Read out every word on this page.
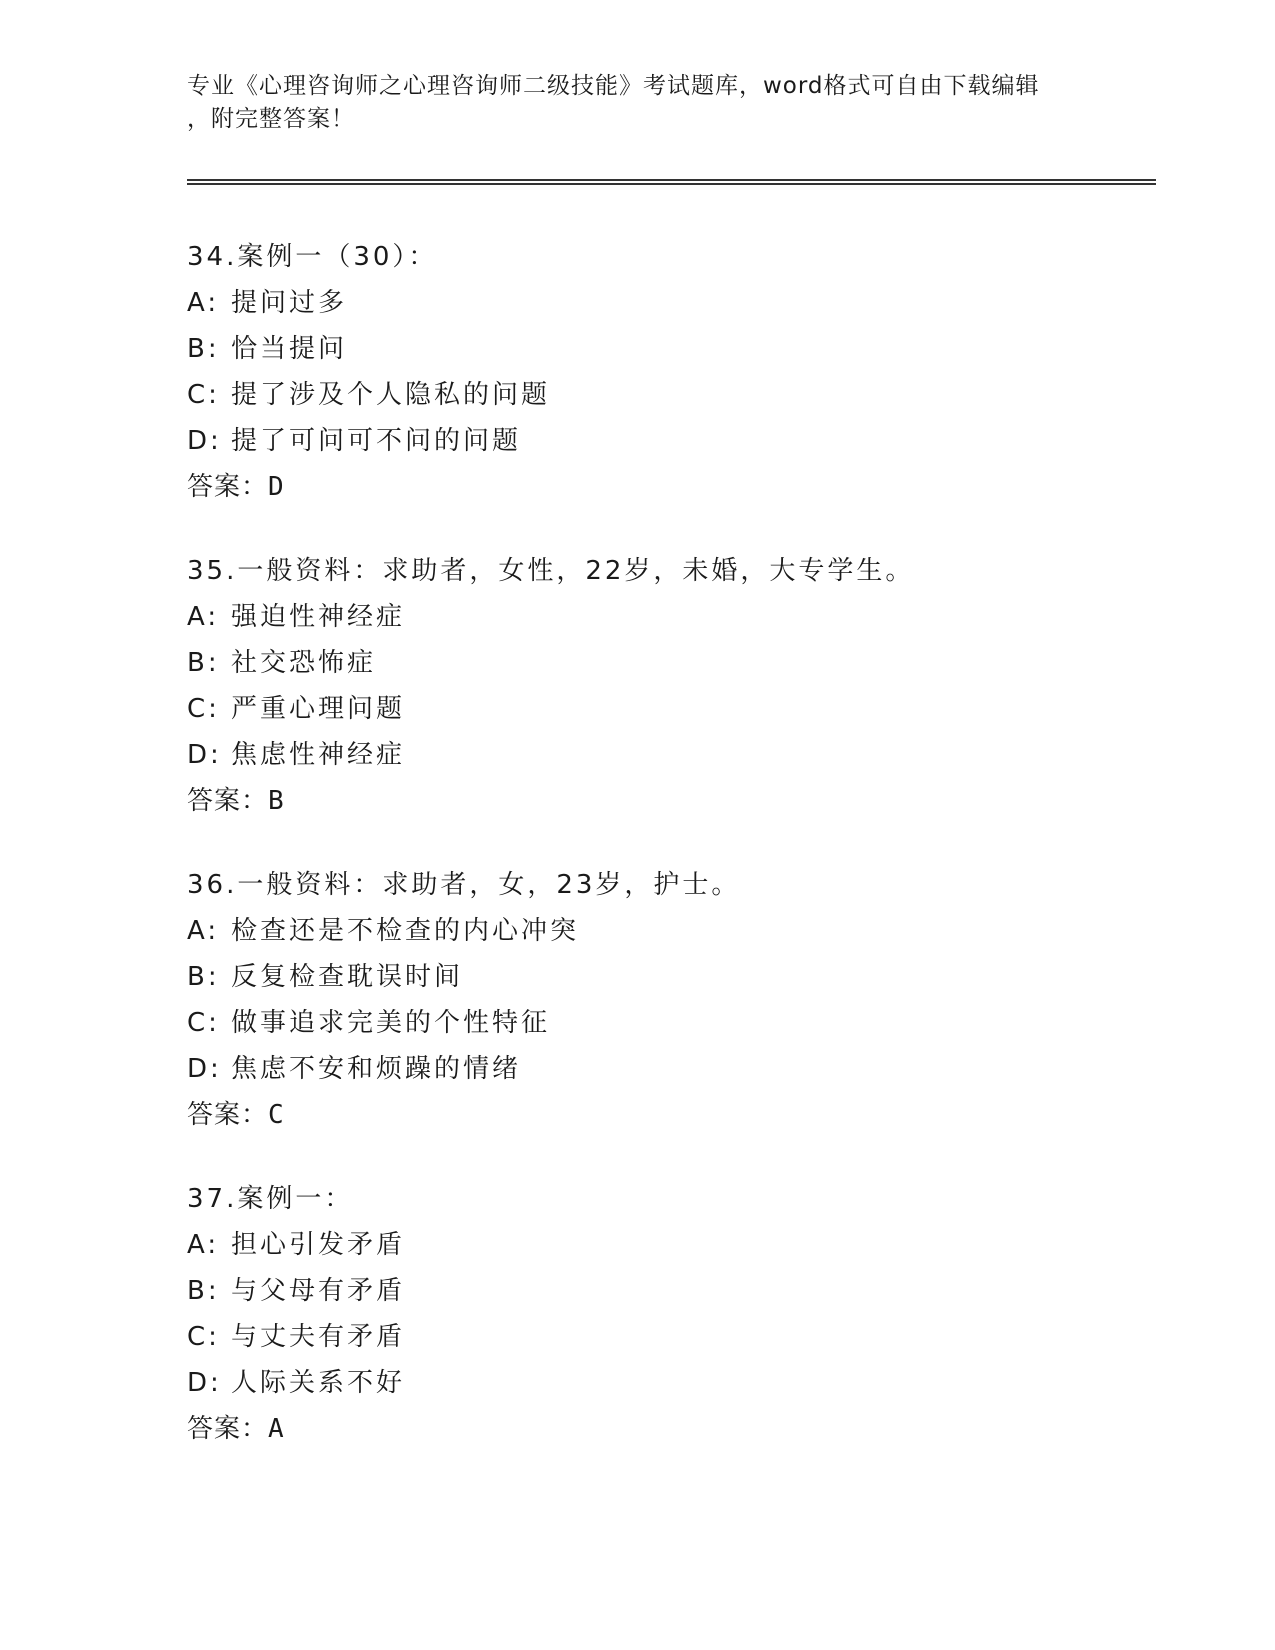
专业《心理咨询师之心理咨询师二级技能》考试题库，word格式可自由下载编辑
，附完整答案！
34.案例一（30）：
A: 提问过多
B: 恰当提问
C: 提了涉及个人隐私的问题
D: 提了可问可不问的问题
答案：D
35.一般资料：求助者，女性，22岁，未婚，大专学生。
A: 强迫性神经症
B: 社交恐怖症
C: 严重心理问题
D: 焦虑性神经症
答案：B
36.一般资料：求助者，女，23岁，护士。
A: 检查还是不检查的内心冲突
B: 反复检查耽误时间
C: 做事追求完美的个性特征
D: 焦虑不安和烦躁的情绪
答案：C
37.案例一：
A: 担心引发矛盾
B: 与父母有矛盾
C: 与丈夫有矛盾
D: 人际关系不好
答案：A
